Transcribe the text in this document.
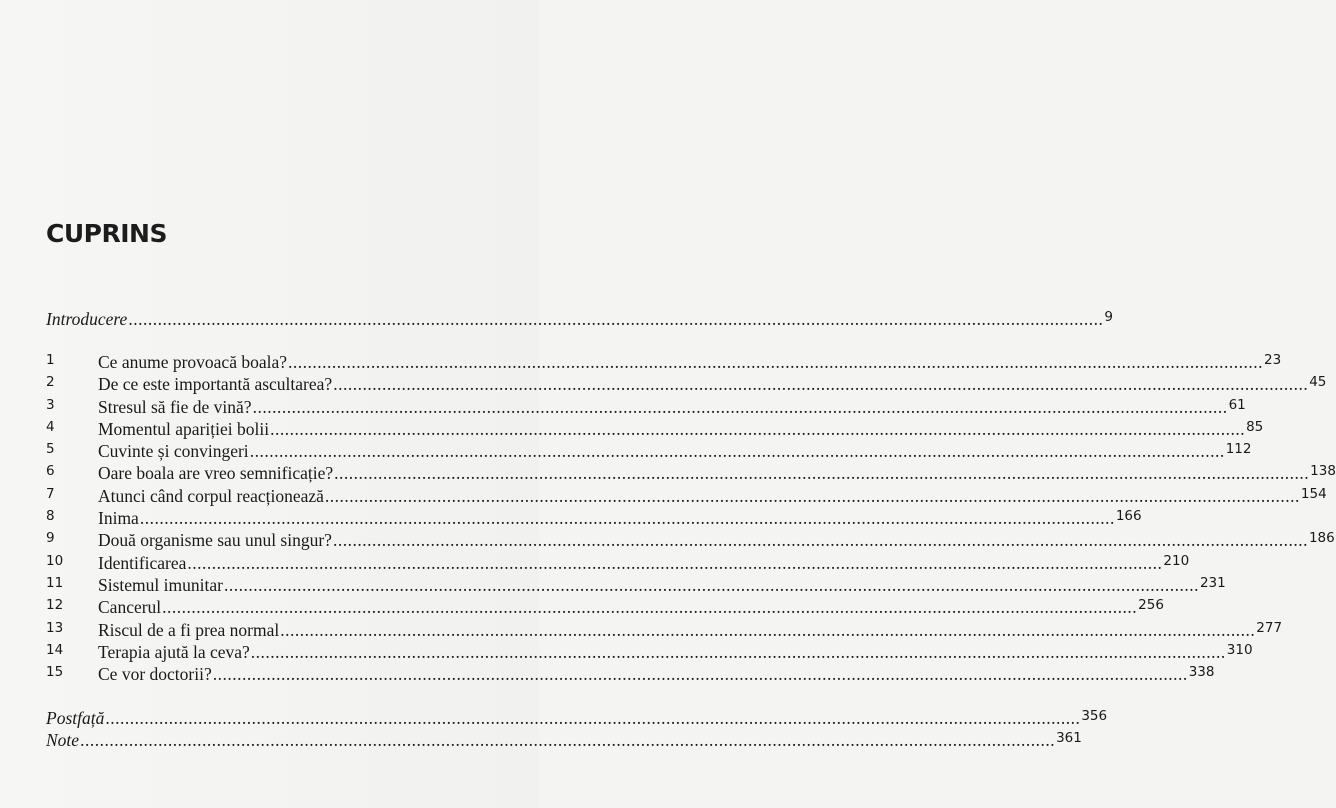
CUPRINS
Introducere ........................................................................................................................................................................................................ 9
1	Ce anume provoacă boala? ........................................................................................................................................................................................................ 23
2	De ce este importantă ascultarea? ........................................................................................................................................................................................................ 45
3	Stresul să fie de vină? ........................................................................................................................................................................................................ 61
4	Momentul apariției bolii ........................................................................................................................................................................................................ 85
5	Cuvinte și convingeri ........................................................................................................................................................................................................ 112
6	Oare boala are vreo semnificație? ........................................................................................................................................................................................................ 138
7	Atunci când corpul reacționează ........................................................................................................................................................................................................ 154
8	Inima ........................................................................................................................................................................................................ 166
9	Două organisme sau unul singur? ........................................................................................................................................................................................................ 186
10	Identificarea ........................................................................................................................................................................................................ 210
11	Sistemul imunitar ........................................................................................................................................................................................................ 231
12	Cancerul ........................................................................................................................................................................................................ 256
13	Riscul de a fi prea normal ........................................................................................................................................................................................................ 277
14	Terapia ajută la ceva? ........................................................................................................................................................................................................ 310
15	Ce vor doctorii? ........................................................................................................................................................................................................ 338
Postfață ........................................................................................................................................................................................................ 356
Note ........................................................................................................................................................................................................ 361
